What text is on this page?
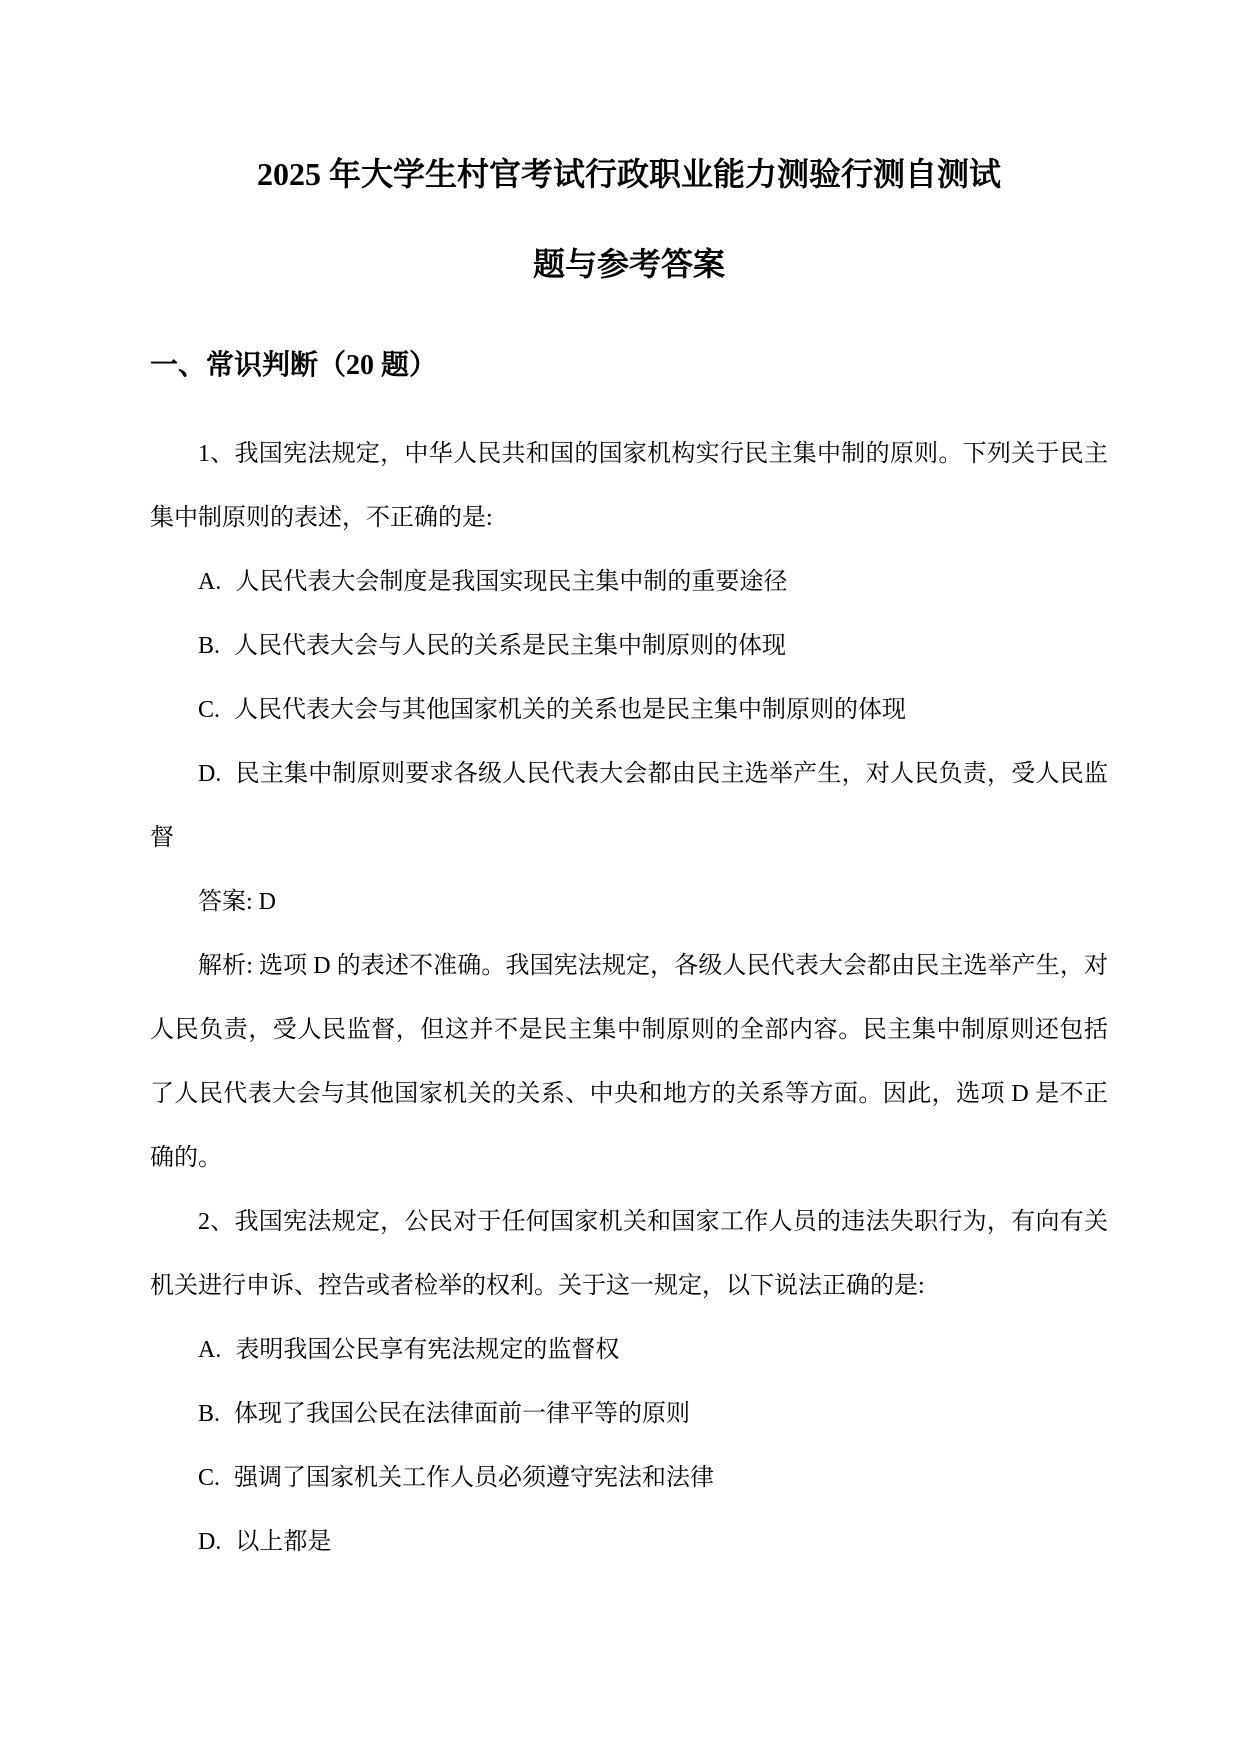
2025 年大学生村官考试行政职业能力测验行测自测试
题与参考答案
一、常识判断（20 题）

1、我国宪法规定，中华人民共和国的国家机构实行民主集中制的原则。下列关于民主集中制原则的表述，不正确的是:

A. 人民代表大会制度是我国实现民主集中制的重要途径

B. 人民代表大会与人民的关系是民主集中制原则的体现

C. 人民代表大会与其他国家机关的关系也是民主集中制原则的体现

D. 民主集中制原则要求各级人民代表大会都由民主选举产生，对人民负责，受人民监督

答案: D

解析: 选项 D 的表述不准确。我国宪法规定，各级人民代表大会都由民主选举产生，对人民负责，受人民监督，但这并不是民主集中制原则的全部内容。民主集中制原则还包括了人民代表大会与其他国家机关的关系、中央和地方的关系等方面。因此，选项 D 是不正确的。

2、我国宪法规定，公民对于任何国家机关和国家工作人员的违法失职行为，有向有关机关进行申诉、控告或者检举的权利。关于这一规定，以下说法正确的是:

A. 表明我国公民享有宪法规定的监督权

B. 体现了我国公民在法律面前一律平等的原则

C. 强调了国家机关工作人员必须遵守宪法和法律

D. 以上都是
